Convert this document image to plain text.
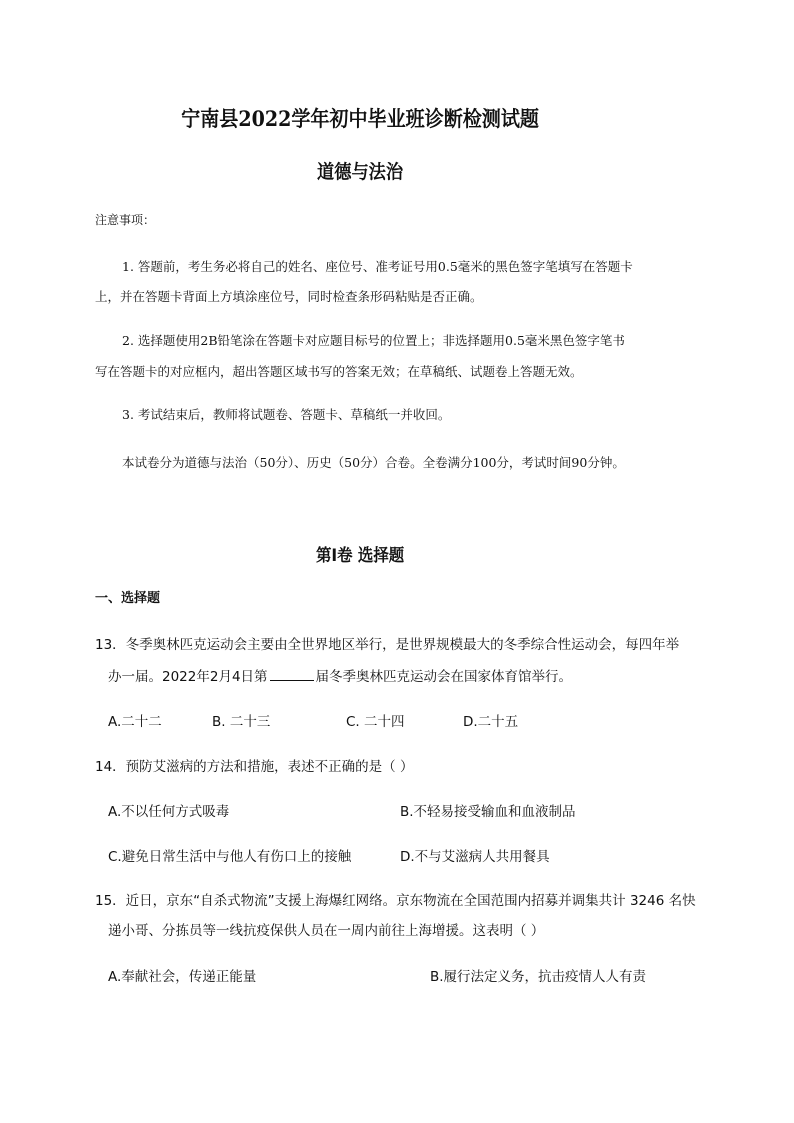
宁南县2022学年初中毕业班诊断检测试题
道德与法治

注意事项：

1. 答题前，考生务必将自己的姓名、座位号、准考证号用0.5毫米的黑色签字笔填写在答题卡

上，并在答题卡背面上方填涂座位号，同时检查条形码粘贴是否正确。

2. 选择题使用2B铅笔涂在答题卡对应题目标号的位置上；非选择题用0.5毫米黑色签字笔书

写在答题卡的对应框内，超出答题区域书写的答案无效；在草稿纸、试题卷上答题无效。

3. 考试结束后，教师将试题卷、答题卡、草稿纸一并收回。

本试卷分为道德与法治（50分）、历史（50分）合卷。全卷满分100分，考试时间90分钟。

第Ⅰ卷 选择题

一、选择题

13．冬季奥林匹克运动会主要由全世界地区举行，是世界规模最大的冬季综合性运动会，每四年举

办一届。2022年2月4日第	届冬季奥林匹克运动会在国家体育馆举行。

A.二十二	B. 二十三	C. 二十四	D.二十五

14．预防艾滋病的方法和措施，表述不正确的是（ ）

A.不以任何方式吸毒	B.不轻易接受输血和血液制品

C.避免日常生活中与他人有伤口上的接触	D.不与艾滋病人共用餐具

15．近日，京东“自杀式物流”支援上海爆红网络。京东物流在全国范围内招募并调集共计 3246 名快

递小哥、分拣员等一线抗疫保供人员在一周内前往上海增援。这表明（ ）

A.奉献社会，传递正能量	B.履行法定义务，抗击疫情人人有责
